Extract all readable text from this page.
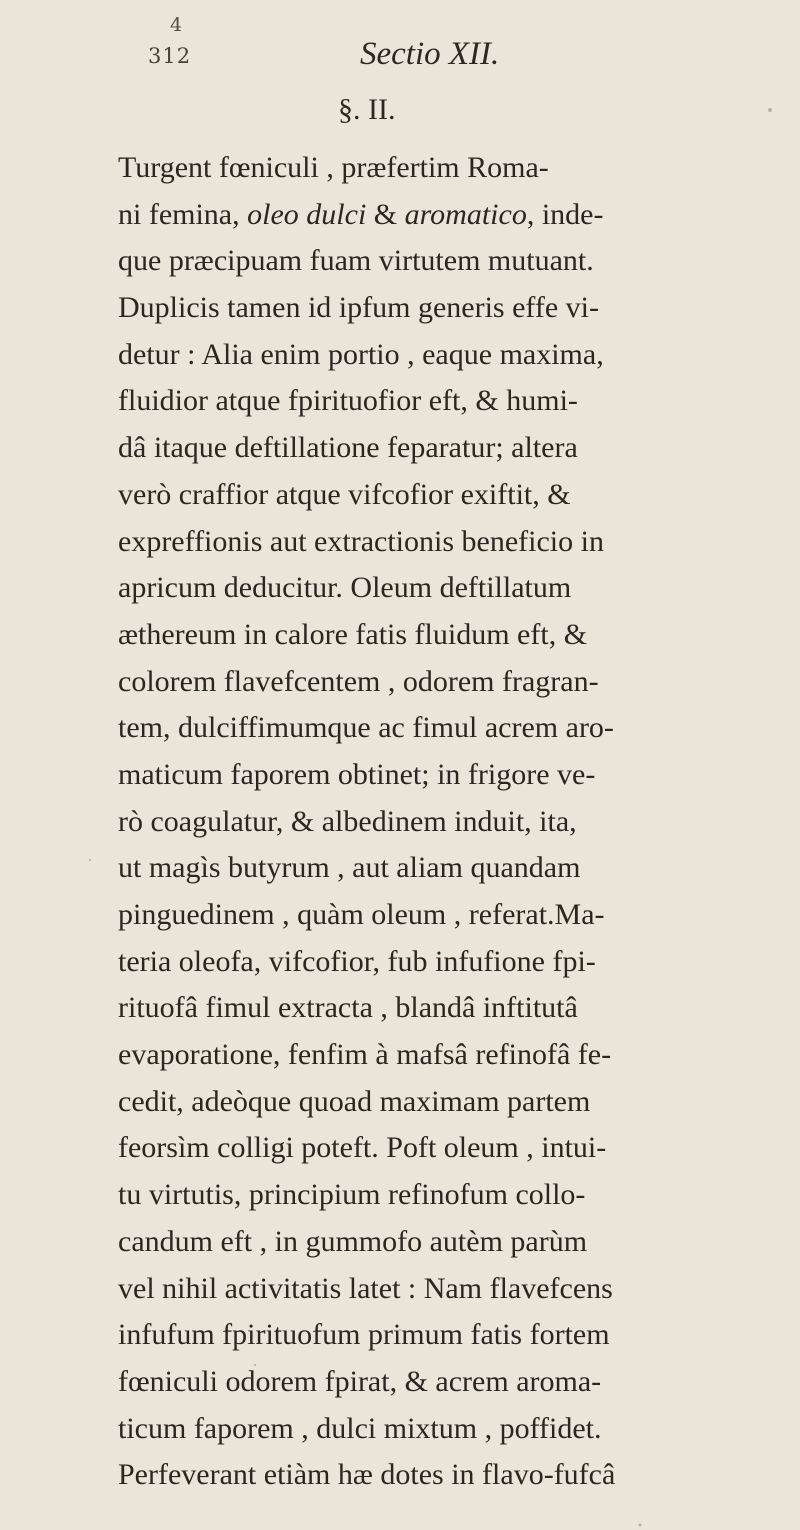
4
312	Sectio XII.
§. II.
Turgent fœniculi , præfertim Roma-
ni femina, oleo dulci & aromatico, inde-
que præcipuam fuam virtutem mutuant.
Duplicis tamen id ipfum generis effe vi-
detur : Alia enim portio , eaque maxima,
fluidior atque fpirituofior eft, & humi-
dâ itaque deftillatione feparatur; altera
verò craffior atque vifcofior exiftit, &
expreffionis aut extractionis beneficio in
apricum deducitur. Oleum deftillatum
æthereum in calore fatis fluidum eft, &
colorem flavefcentem , odorem fragran-
tem, dulciffimumque ac fimul acrem aro-
maticum faporem obtinet; in frigore ve-
rò coagulatur, & albedinem induit, ita,
ut magìs butyrum , aut aliam quandam
pinguedinem , quàm oleum , referat.Ma-
teria oleofa, vifcofior, fub infufione fpi-
rituofâ fimul extracta , blandâ inftitutâ
evaporatione, fenfim à mafsâ refinofâ fe-
cedit, adeòque quoad maximam partem
feorsìm colligi poteft. Poft oleum , intui-
tu virtutis, principium refinofum collo-
candum eft , in gummofo autèm parùm
vel nihil activitatis latet : Nam flavefcens
infufum fpirituofum primum fatis fortem
fœniculi odorem fpirat, & acrem aroma-
ticum faporem , dulci mixtum , poffidet.
Perfeverant etiàm hæ dotes in flavo-fufcâ
